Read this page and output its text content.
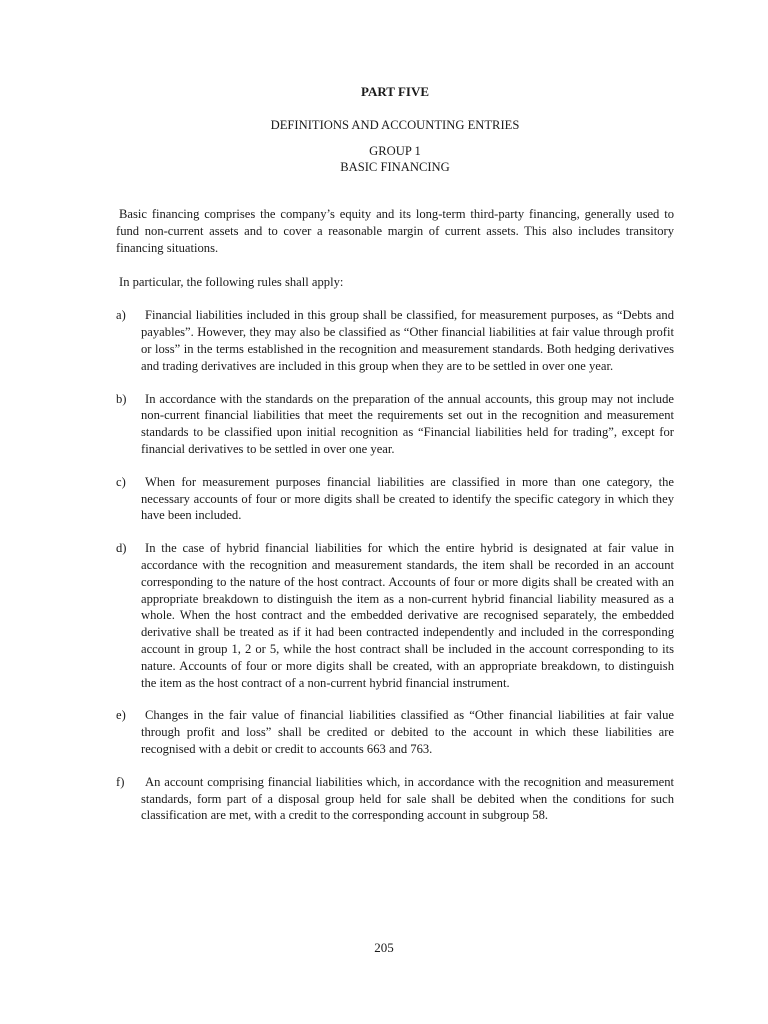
PART FIVE

DEFINITIONS AND ACCOUNTING ENTRIES

GROUP 1

BASIC FINANCING

Basic financing comprises the company’s equity and its long-term third-party financing, generally used to fund non-current assets and to cover a reasonable margin of current assets. This also includes transitory financing situations.

In particular, the following rules shall apply:

a)	Financial liabilities included in this group shall be classified, for measurement purposes, as “Debts and payables”. However, they may also be classified as “Other financial liabilities at fair value through profit or loss” in the terms established in the recognition and measurement standards. Both hedging derivatives and trading derivatives are included in this group when they are to be settled in over one year.
b)	In accordance with the standards on the preparation of the annual accounts, this group may not include non-current financial liabilities that meet the requirements set out in the recognition and measurement standards to be classified upon initial recognition as “Financial liabilities held for trading”, except for financial derivatives to be settled in over one year.
c)	When for measurement purposes financial liabilities are classified in more than one category, the necessary accounts of four or more digits shall be created to identify the specific category in which they have been included.
d)	In the case of hybrid financial liabilities for which the entire hybrid is designated at fair value in accordance with the recognition and measurement standards, the item shall be recorded in an account corresponding to the nature of the host contract. Accounts of four or more digits shall be created with an appropriate breakdown to distinguish the item as a non-current hybrid financial liability measured as a whole. When the host contract and the embedded derivative are recognised separately, the embedded derivative shall be treated as if it had been contracted independently and included in the corresponding account in group 1, 2 or 5, while the host contract shall be included in the account corresponding to its nature. Accounts of four or more digits shall be created, with an appropriate breakdown, to distinguish the item as the host contract of a non-current hybrid financial instrument.
e)	Changes in the fair value of financial liabilities classified as “Other financial liabilities at fair value through profit and loss” shall be credited or debited to the account in which these liabilities are recognised with a debit or credit to accounts 663 and 763.
f)	An account comprising financial liabilities which, in accordance with the recognition and measurement standards, form part of a disposal group held for sale shall be debited when the conditions for such classification are met, with a credit to the corresponding account in subgroup 58.
205
